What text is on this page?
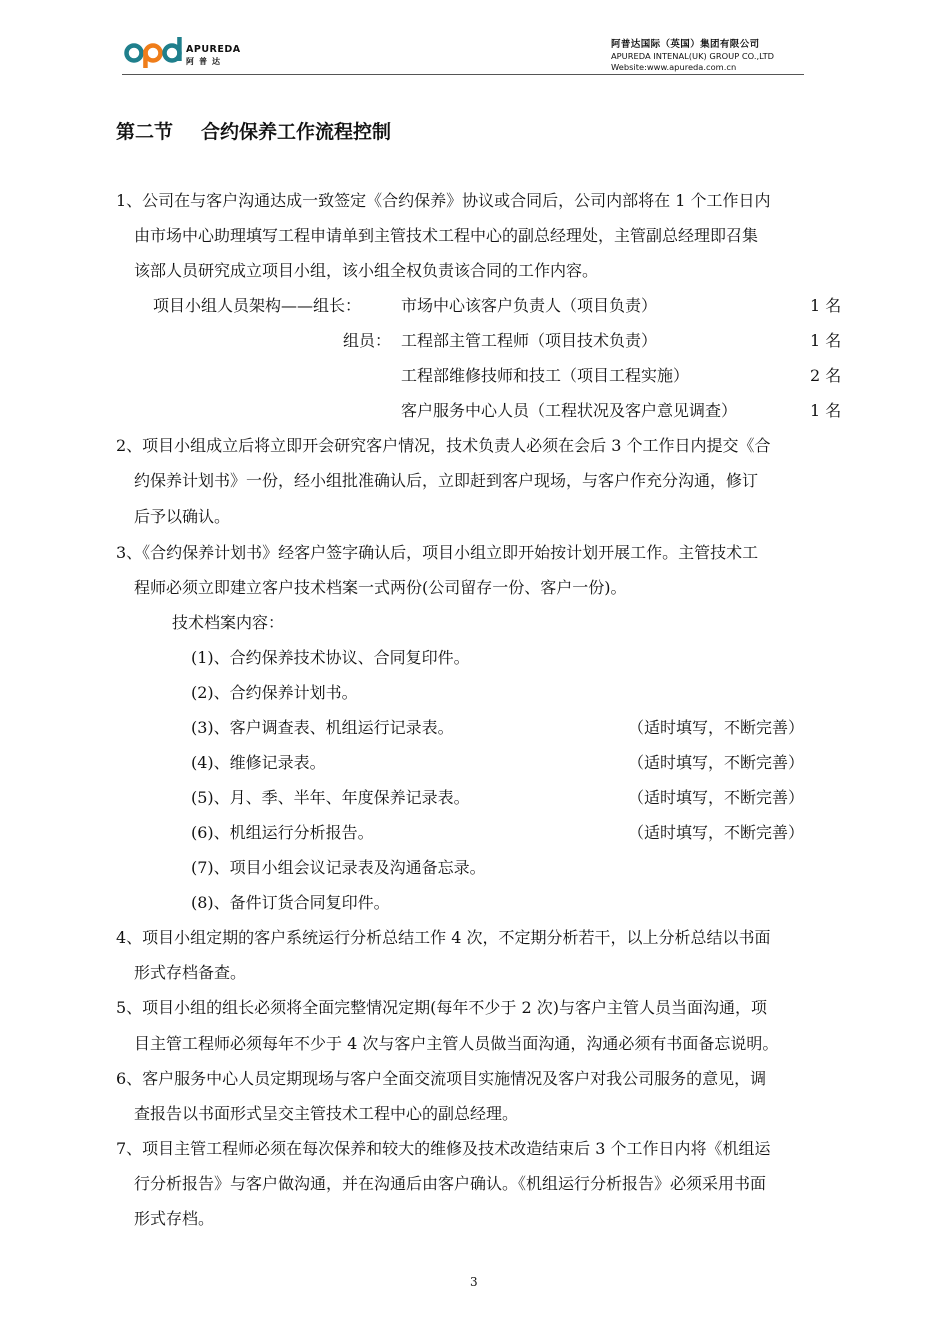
APUREDA
阿普达
阿普达国际（英国）集团有限公司
APUREDA INTENAL(UK) GROUP CO.,LTD
Website:www.apureda.com.cn
第二节 合约保养工作流程控制
1、公司在与客户沟通达成一致签定《合约保养》协议或合同后，公司内部将在 1 个工作日内
由市场中心助理填写工程申请单到主管技术工程中心的副总经理处，主管副总经理即召集
该部人员研究成立项目小组，该小组全权负责该合同的工作内容。
项目小组人员架构——组长： 市场中心该客户负责人（项目负责）	1 名
组员： 工程部主管工程师（项目技术负责）	1 名
工程部维修技师和技工（项目工程实施）	2 名
客户服务中心人员（工程状况及客户意见调查）	1 名
2、项目小组成立后将立即开会研究客户情况，技术负责人必须在会后 3 个工作日内提交《合
约保养计划书》一份，经小组批准确认后，立即赶到客户现场，与客户作充分沟通，修订
后予以确认。
3、《合约保养计划书》经客户签字确认后，项目小组立即开始按计划开展工作。主管技术工
程师必须立即建立客户技术档案一式两份(公司留存一份、客户一份)。
技术档案内容：
(1)、合约保养技术协议、合同复印件。
(2)、合约保养计划书。
(3)、客户调查表、机组运行记录表。	（适时填写，不断完善）
(4)、维修记录表。	（适时填写，不断完善）
(5)、月、季、半年、年度保养记录表。	（适时填写，不断完善）
(6)、机组运行分析报告。	（适时填写，不断完善）
(7)、项目小组会议记录表及沟通备忘录。
(8)、备件订货合同复印件。
4、项目小组定期的客户系统运行分析总结工作 4 次，不定期分析若干，以上分析总结以书面
形式存档备查。
5、项目小组的组长必须将全面完整情况定期(每年不少于 2 次)与客户主管人员当面沟通，项
目主管工程师必须每年不少于 4 次与客户主管人员做当面沟通，沟通必须有书面备忘说明。
6、客户服务中心人员定期现场与客户全面交流项目实施情况及客户对我公司服务的意见，调
查报告以书面形式呈交主管技术工程中心的副总经理。
7、项目主管工程师必须在每次保养和较大的维修及技术改造结束后 3 个工作日内将《机组运
行分析报告》与客户做沟通，并在沟通后由客户确认。《机组运行分析报告》必须采用书面
形式存档。
3
